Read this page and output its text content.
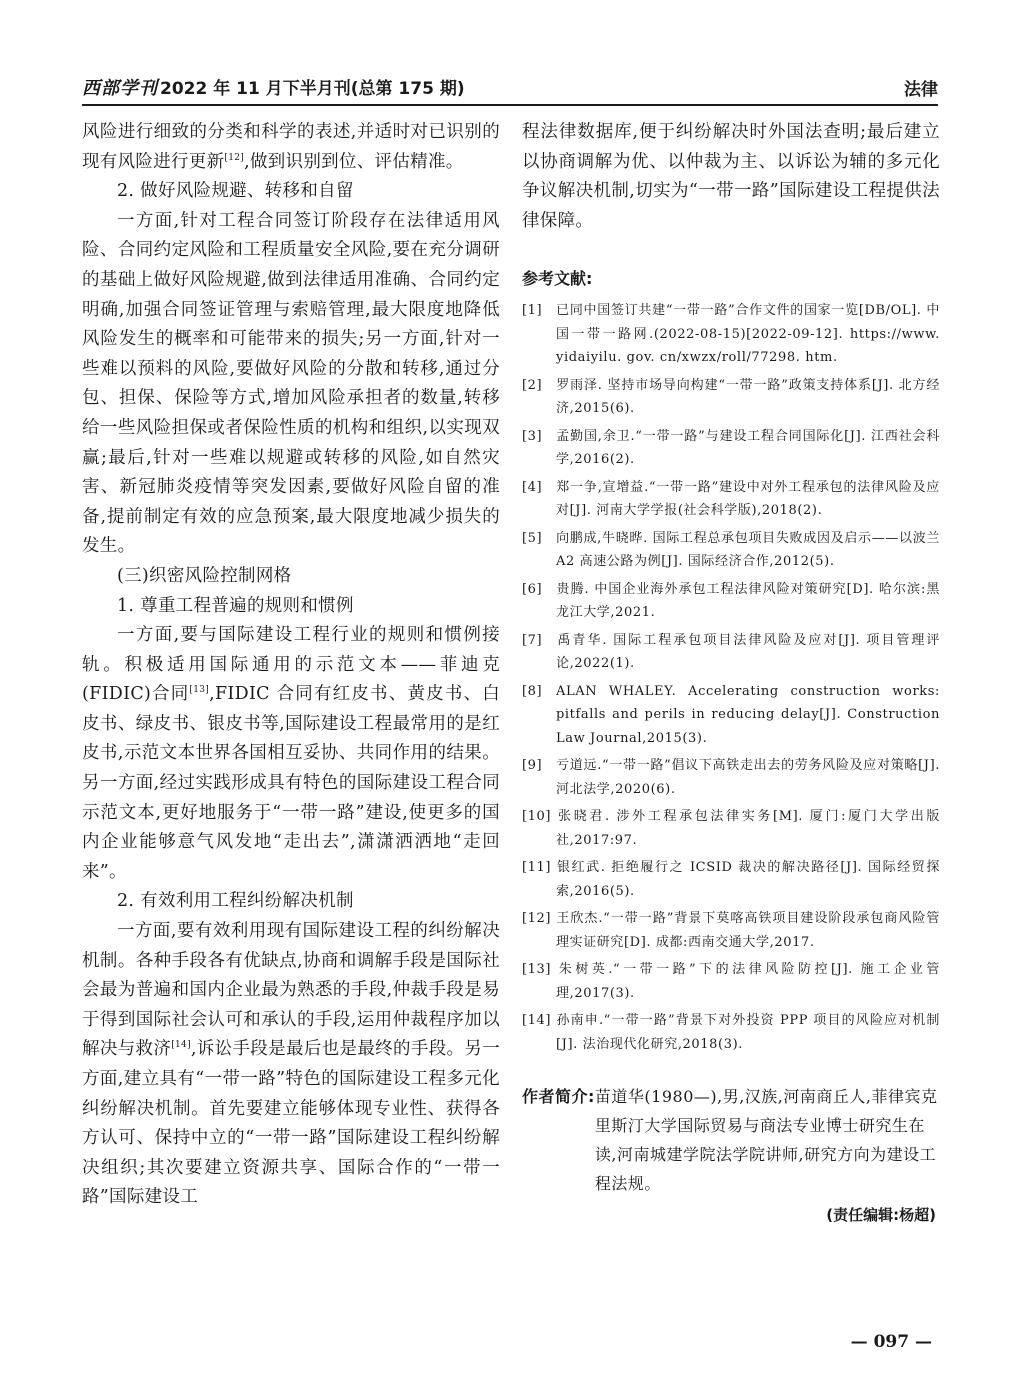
西部学刊 2022 年 11 月下半月刊(总第 175 期)	法律

风险进行细致的分类和科学的表述,并适时对已识别的现有风险进行更新[12],做到识别到位、评估精准。

2. 做好风险规避、转移和自留

一方面,针对工程合同签订阶段存在法律适用风险、合同约定风险和工程质量安全风险,要在充分调研的基础上做好风险规避,做到法律适用准确、合同约定明确,加强合同签证管理与索赔管理,最大限度地降低风险发生的概率和可能带来的损失;另一方面,针对一些难以预料的风险,要做好风险的分散和转移,通过分包、担保、保险等方式,增加风险承担者的数量,转移给一些风险担保或者保险性质的机构和组织,以实现双赢;最后,针对一些难以规避或转移的风险,如自然灾害、新冠肺炎疫情等突发因素,要做好风险自留的准备,提前制定有效的应急预案,最大限度地减少损失的发生。

(三)织密风险控制网格

1. 尊重工程普遍的规则和惯例

一方面,要与国际建设工程行业的规则和惯例接轨。积极适用国际通用的示范文本——菲迪克(FIDIC)合同[13],FIDIC 合同有红皮书、黄皮书、白皮书、绿皮书、银皮书等,国际建设工程最常用的是红皮书,示范文本世界各国相互妥协、共同作用的结果。另一方面,经过实践形成具有特色的国际建设工程合同示范文本,更好地服务于“一带一路”建设,使更多的国内企业能够意气风发地“走出去”,潇潇洒洒地“走回来”。

2. 有效利用工程纠纷解决机制

一方面,要有效利用现有国际建设工程的纠纷解决机制。各种手段各有优缺点,协商和调解手段是国际社会最为普遍和国内企业最为熟悉的手段,仲裁手段是易于得到国际社会认可和承认的手段,运用仲裁程序加以解决与救济[14],诉讼手段是最后也是最终的手段。另一方面,建立具有“一带一路”特色的国际建设工程多元化纠纷解决机制。首先要建立能够体现专业性、获得各方认可、保持中立的“一带一路”国际建设工程纠纷解决组织;其次要建立资源共享、国际合作的“一带一路”国际建设工

程法律数据库,便于纠纷解决时外国法查明;最后建立以协商调解为优、以仲裁为主、以诉讼为辅的多元化争议解决机制,切实为“一带一路”国际建设工程提供法律保障。

参考文献:
[1] 已同中国签订共建“一带一路”合作文件的国家一览[DB/OL]. 中国一带一路网.(2022-08-15)[2022-09-12]. https://www. yidaiyilu. gov. cn/xwzx/roll/77298. htm.
[2] 罗雨泽. 坚持市场导向构建“一带一路”政策支持体系[J]. 北方经济,2015(6).
[3] 孟勤国,余卫.“一带一路”与建设工程合同国际化[J]. 江西社会科学,2016(2).
[4] 郑一争,宣增益.“一带一路”建设中对外工程承包的法律风险及应对[J]. 河南大学学报(社会科学版),2018(2).
[5] 向鹏成,牛晓晔. 国际工程总承包项目失败成因及启示——以波兰 A2 高速公路为例[J]. 国际经济合作,2012(5).
[6] 贵腾. 中国企业海外承包工程法律风险对策研究[D]. 哈尔滨:黑龙江大学,2021.
[7] 禹青华. 国际工程承包项目法律风险及应对[J]. 项目管理评论,2022(1).
[8] ALAN WHALEY. Accelerating construction works: pitfalls and perils in reducing delay[J]. Construction Law Journal,2015(3).
[9] 亏道远.“一带一路”倡议下高铁走出去的劳务风险及应对策略[J]. 河北法学,2020(6).
[10] 张晓君. 涉外工程承包法律实务[M]. 厦门:厦门大学出版社,2017:97.
[11] 银红武. 拒绝履行之 ICSID 裁决的解决路径[J]. 国际经贸探索,2016(5).
[12] 王欣杰.“一带一路”背景下莫喀高铁项目建设阶段承包商风险管理实证研究[D]. 成都:西南交通大学,2017.
[13] 朱树英.“一带一路”下的法律风险防控[J]. 施工企业管理,2017(3).
[14] 孙南申.“一带一路”背景下对外投资 PPP 项目的风险应对机制[J]. 法治现代化研究,2018(3).
作者简介: 苗道华(1980—),男,汉族,河南商丘人,菲律宾克里斯汀大学国际贸易与商法专业博士研究生在读,河南城建学院法学院讲师,研究方向为建设工程法规。
(责任编辑:杨超)
— 097 —
